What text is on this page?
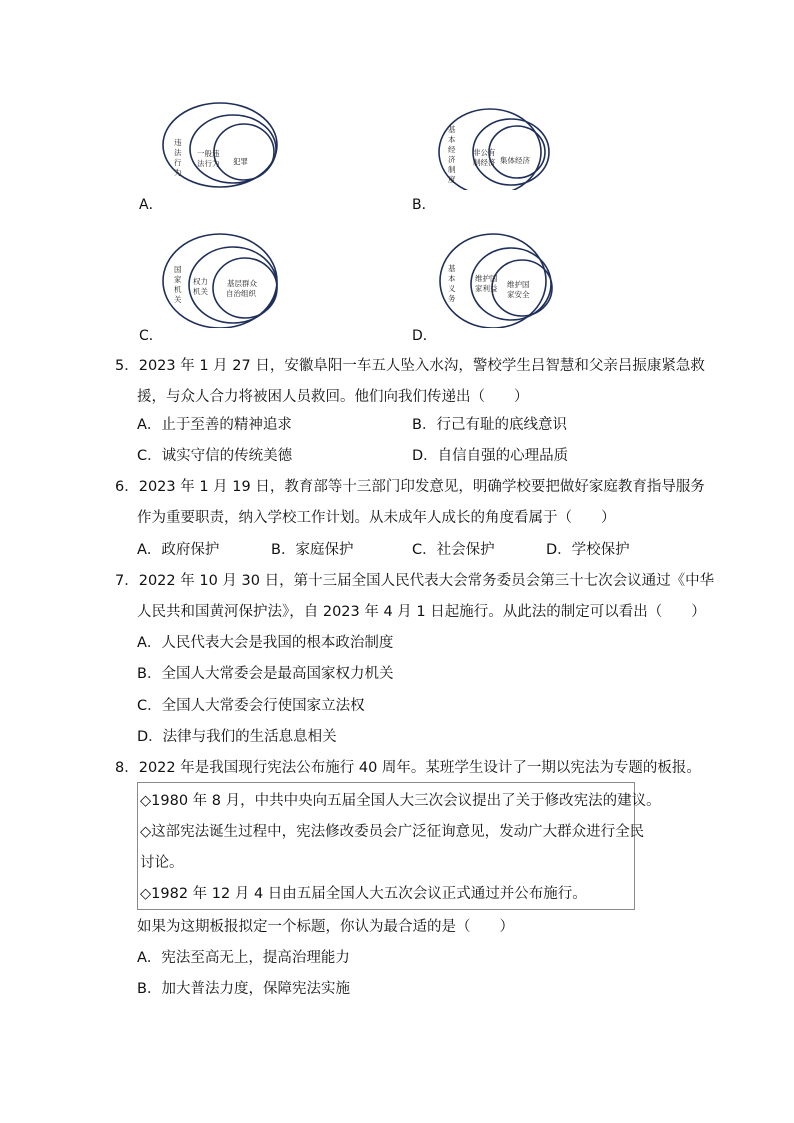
违
法
行
为
一般违
法行为 犯罪
A．
基
本
经
济
制
度
非公有
制经济 集体经济
B．
国
家
机
关
权力
机关
基层群众
自治组织
C．
基
本
义
务
维护国
家利益 维护国
家安全
D．
5．2023 年 1 月 27 日，安徽阜阳一车五人坠入水沟，警校学生吕智慧和父亲吕振康紧急救
援，与众人合力将被困人员救回。他们向我们传递出（　　）
A．止于至善的精神追求	B．行己有耻的底线意识
C．诚实守信的传统美德	D．自信自强的心理品质
6．2023 年 1 月 19 日，教育部等十三部门印发意见，明确学校要把做好家庭教育指导服务
作为重要职责，纳入学校工作计划。从未成年人成长的角度看属于（　　）
A．政府保护	B．家庭保护	C．社会保护	D．学校保护
7．2022 年 10 月 30 日，第十三届全国人民代表大会常务委员会第三十七次会议通过《中华
人民共和国黄河保护法》，自 2023 年 4 月 1 日起施行。从此法的制定可以看出（　　）
A．人民代表大会是我国的根本政治制度
B．全国人大常委会是最高国家权力机关
C．全国人大常委会行使国家立法权
D．法律与我们的生活息息相关
8．2022 年是我国现行宪法公布施行 40 周年。某班学生设计了一期以宪法为专题的板报。
◇1980 年 8 月，中共中央向五届全国人大三次会议提出了关于修改宪法的建议。
◇这部宪法诞生过程中，宪法修改委员会广泛征询意见，发动广大群众进行全民
讨论。
◇1982 年 12 月 4 日由五届全国人大五次会议正式通过并公布施行。
如果为这期板报拟定一个标题，你认为最合适的是（　　）
A．宪法至高无上，提高治理能力
B．加大普法力度，保障宪法实施
